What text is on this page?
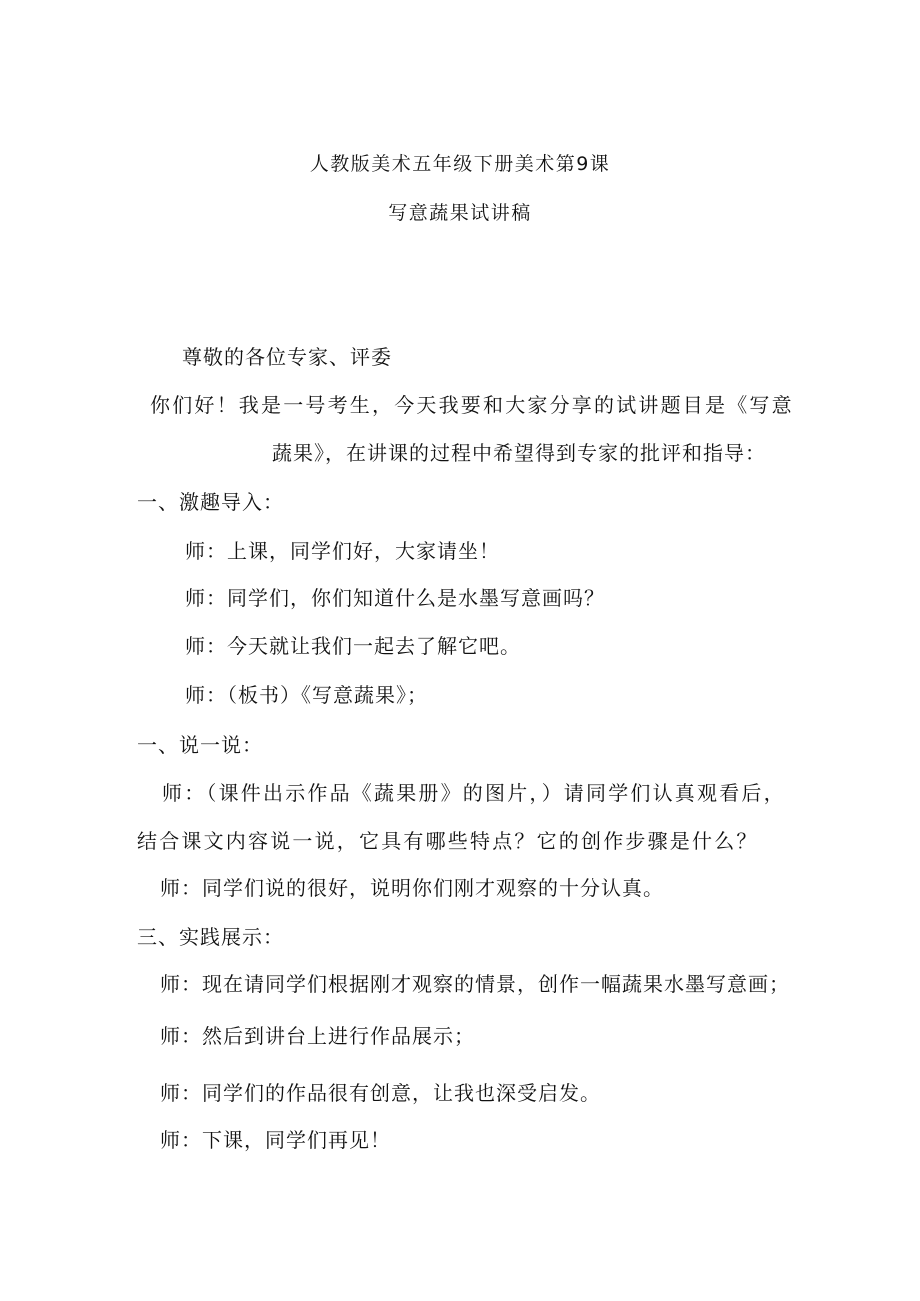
人教版美术五年级下册美术第9课
写意蔬果试讲稿
尊敬的各位专家、评委
你们好！我是一号考生，今天我要和大家分享的试讲题目是《写意
蔬果》，在讲课的过程中希望得到专家的批评和指导：
一、激趣导入：
师：上课，同学们好，大家请坐！
师：同学们，你们知道什么是水墨写意画吗？
师：今天就让我们一起去了解它吧。
师：（板书）《写意蔬果》；
一、说一说：
师：（课件出示作品《蔬果册》的图片，）请同学们认真观看后，
结合课文内容说一说，它具有哪些特点？它的创作步骤是什么？
师：同学们说的很好，说明你们刚才观察的十分认真。
三、实践展示：
师：现在请同学们根据刚才观察的情景，创作一幅蔬果水墨写意画；
师：然后到讲台上进行作品展示；
师：同学们的作品很有创意，让我也深受启发。
师：下课，同学们再见！
